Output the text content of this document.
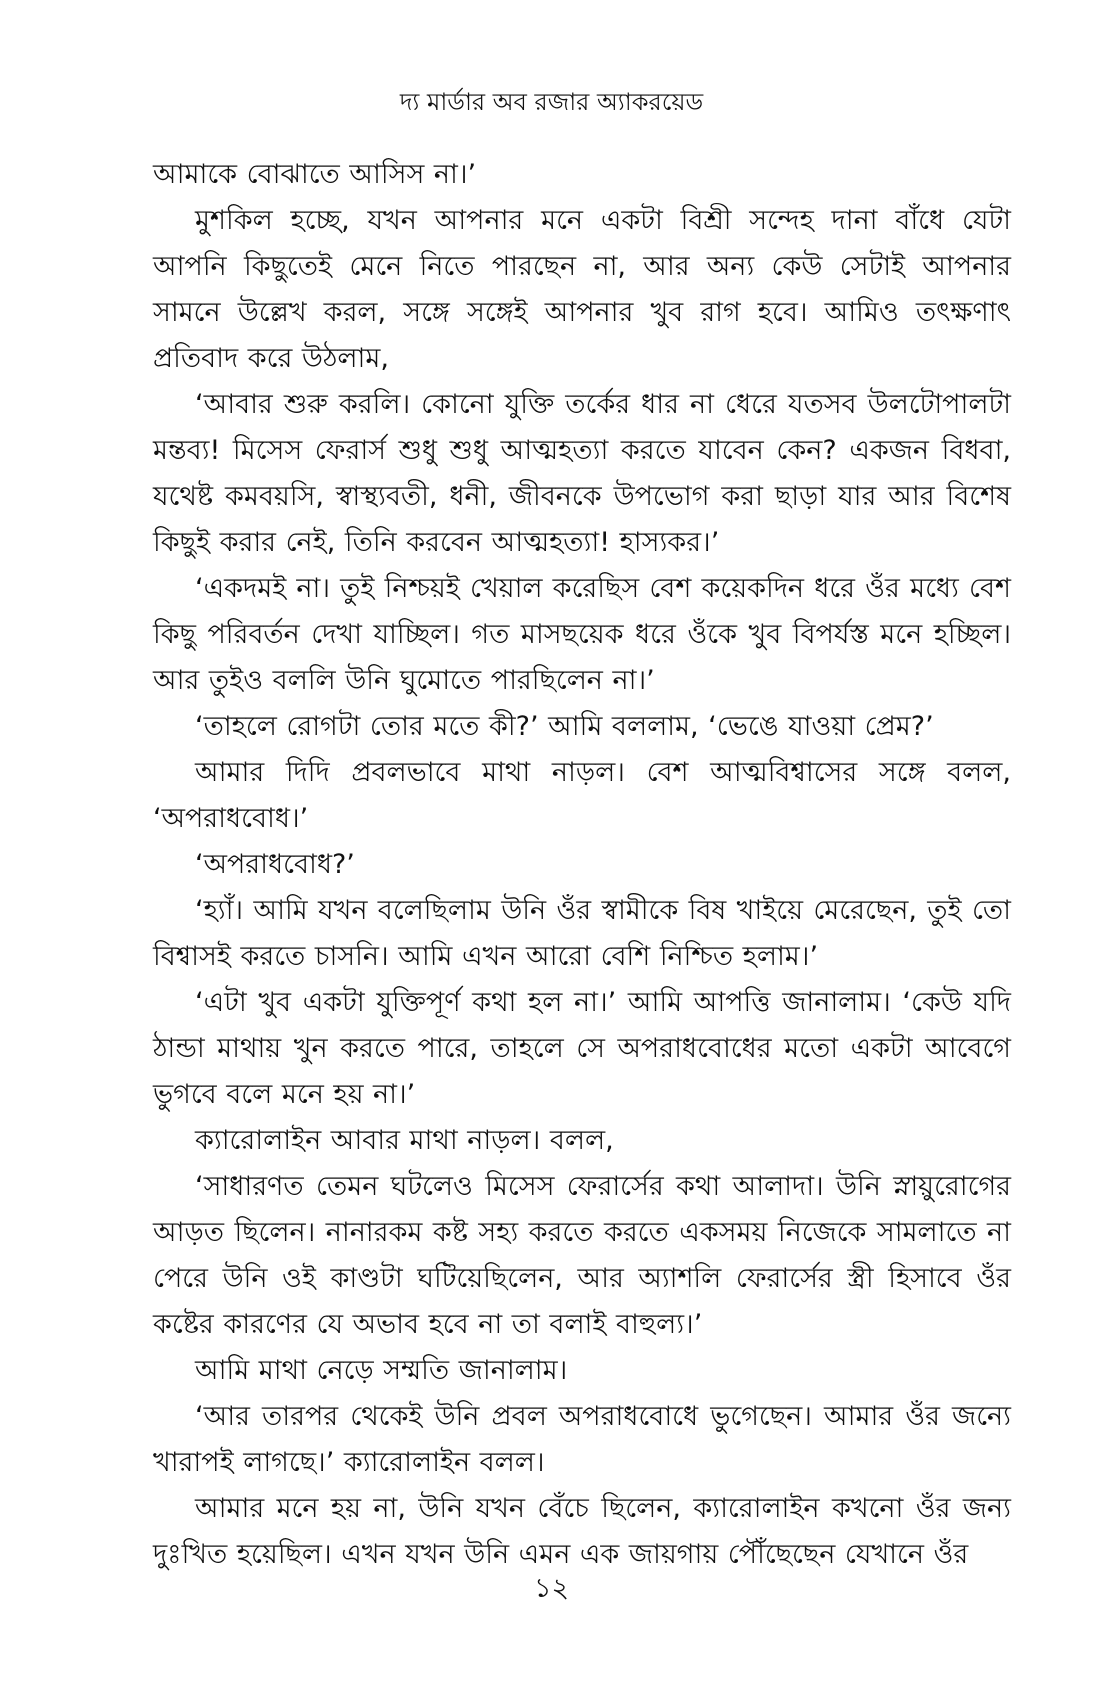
দ্য মার্ডার অব রজার অ্যাকরয়েড

আমাকে বোঝাতে আসিস না।’

মুশকিল হচ্ছে, যখন আপনার মনে একটা বিশ্রী সন্দেহ দানা বাঁধে যেটা আপনি কিছুতেই মেনে নিতে পারছেন না, আর অন্য কেউ সেটাই আপনার সামনে উল্লেখ করল, সঙ্গে সঙ্গেই আপনার খুব রাগ হবে। আমিও তৎক্ষণাৎ প্রতিবাদ করে উঠলাম,

‘আবার শুরু করলি। কোনো যুক্তি তর্কের ধার না ধেরে যতসব উলটোপালটা মন্তব্য! মিসেস ফেরার্স শুধু শুধু আত্মহত্যা করতে যাবেন কেন? একজন বিধবা, যথেষ্ট কমবয়সি, স্বাস্থ্যবতী, ধনী, জীবনকে উপভোগ করা ছাড়া যার আর বিশেষ কিছুই করার নেই, তিনি করবেন আত্মহত্যা! হাস্যকর।’

‘একদমই না। তুই নিশ্চয়ই খেয়াল করেছিস বেশ কয়েকদিন ধরে ওঁর মধ্যে বেশ কিছু পরিবর্তন দেখা যাচ্ছিল। গত মাসছয়েক ধরে ওঁকে খুব বিপর্যস্ত মনে হচ্ছিল। আর তুইও বললি উনি ঘুমোতে পারছিলেন না।’

‘তাহলে রোগটা তোর মতে কী?’ আমি বললাম, ‘ভেঙে যাওয়া প্রেম?’

আমার দিদি প্রবলভাবে মাথা নাড়ল। বেশ আত্মবিশ্বাসের সঙ্গে বলল, ‘অপরাধবোধ।’

‘অপরাধবোধ?’

‘হ্যাঁ। আমি যখন বলেছিলাম উনি ওঁর স্বামীকে বিষ খাইয়ে মেরেছেন, তুই তো বিশ্বাসই করতে চাসনি। আমি এখন আরো বেশি নিশ্চিত হলাম।’

‘এটা খুব একটা যুক্তিপূর্ণ কথা হল না।’ আমি আপত্তি জানালাম। ‘কেউ যদি ঠান্ডা মাথায় খুন করতে পারে, তাহলে সে অপরাধবোধের মতো একটা আবেগে ভুগবে বলে মনে হয় না।’

ক্যারোলাইন আবার মাথা নাড়ল। বলল,

‘সাধারণত তেমন ঘটলেও মিসেস ফেরার্সের কথা আলাদা। উনি স্নায়ুরোগের আড়ত ছিলেন। নানারকম কষ্ট সহ্য করতে করতে একসময় নিজেকে সামলাতে না পেরে উনি ওই কাণ্ডটা ঘটিয়েছিলেন, আর অ্যাশলি ফেরার্সের স্ত্রী হিসাবে ওঁর কষ্টের কারণের যে অভাব হবে না তা বলাই বাহুল্য।’

আমি মাথা নেড়ে সম্মতি জানালাম।

‘আর তারপর থেকেই উনি প্রবল অপরাধবোধে ভুগেছেন। আমার ওঁর জন্যে খারাপই লাগছে।’ ক্যারোলাইন বলল।

আমার মনে হয় না, উনি যখন বেঁচে ছিলেন, ক্যারোলাইন কখনো ওঁর জন্য দুঃখিত হয়েছিল। এখন যখন উনি এমন এক জায়গায় পৌঁছেছেন যেখানে ওঁর

১২
